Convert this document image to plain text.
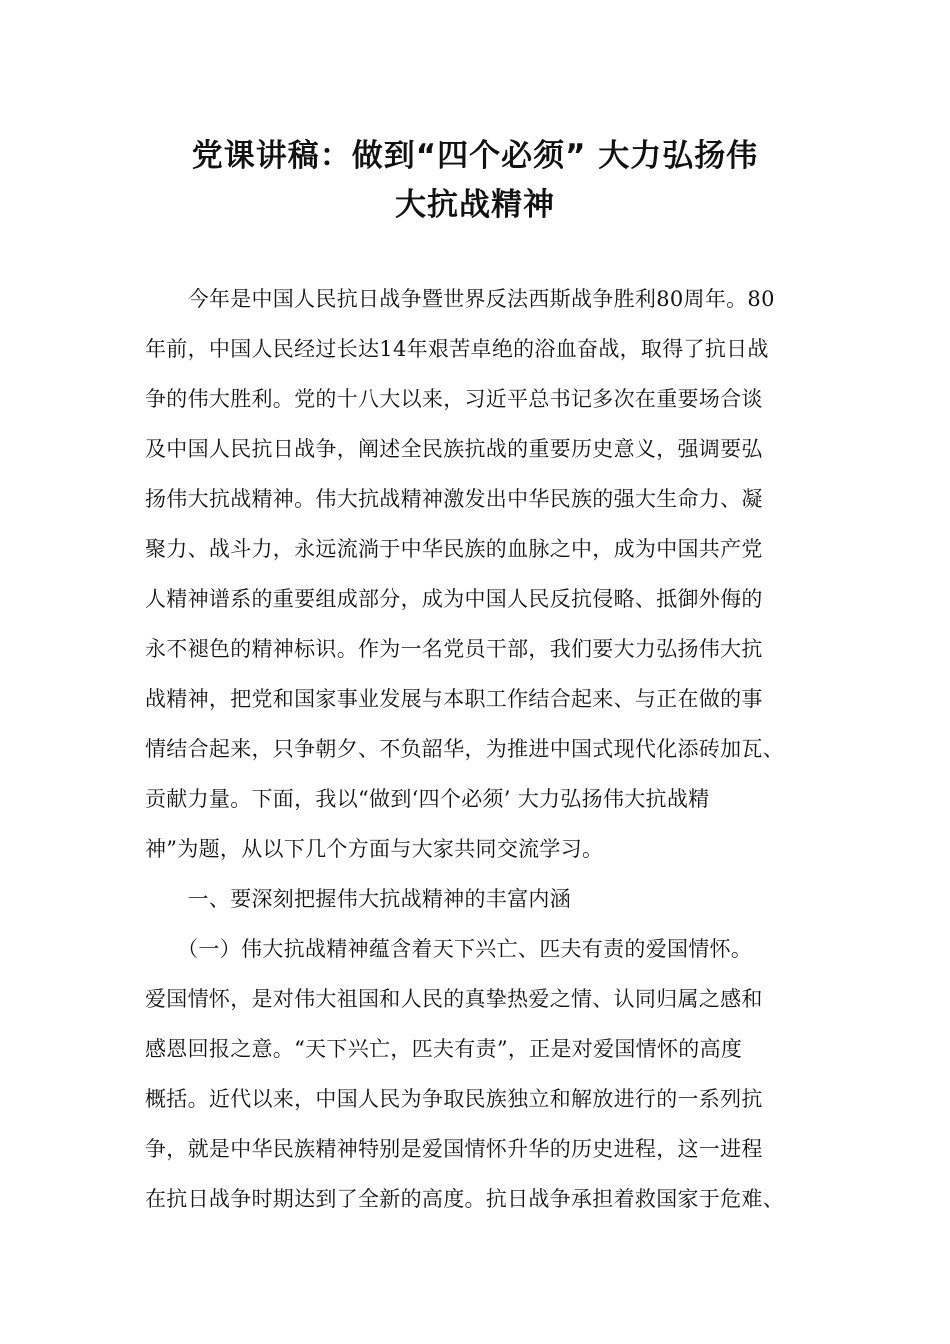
党课讲稿：做到“四个必须” 大力弘扬伟
大抗战精神
　　今年是中国人民抗日战争暨世界反法西斯战争胜利80周年。80
年前，中国人民经过长达14年艰苦卓绝的浴血奋战，取得了抗日战
争的伟大胜利。党的十八大以来，习近平总书记多次在重要场合谈
及中国人民抗日战争，阐述全民族抗战的重要历史意义，强调要弘
扬伟大抗战精神。伟大抗战精神激发出中华民族的强大生命力、凝
聚力、战斗力，永远流淌于中华民族的血脉之中，成为中国共产党
人精神谱系的重要组成部分，成为中国人民反抗侵略、抵御外侮的
永不褪色的精神标识。作为一名党员干部，我们要大力弘扬伟大抗
战精神，把党和国家事业发展与本职工作结合起来、与正在做的事
情结合起来，只争朝夕、不负韶华，为推进中国式现代化添砖加瓦、
贡献力量。下面，我以“做到‘四个必须’ 大力弘扬伟大抗战精
神”为题，从以下几个方面与大家共同交流学习。
　　一、要深刻把握伟大抗战精神的丰富内涵
　　（一）伟大抗战精神蕴含着天下兴亡、匹夫有责的爱国情怀。
爱国情怀，是对伟大祖国和人民的真挚热爱之情、认同归属之感和
感恩回报之意。“天下兴亡，匹夫有责”，正是对爱国情怀的高度
概括。近代以来，中国人民为争取民族独立和解放进行的一系列抗
争，就是中华民族精神特别是爱国情怀升华的历史进程，这一进程
在抗日战争时期达到了全新的高度。抗日战争承担着救国家于危难、
